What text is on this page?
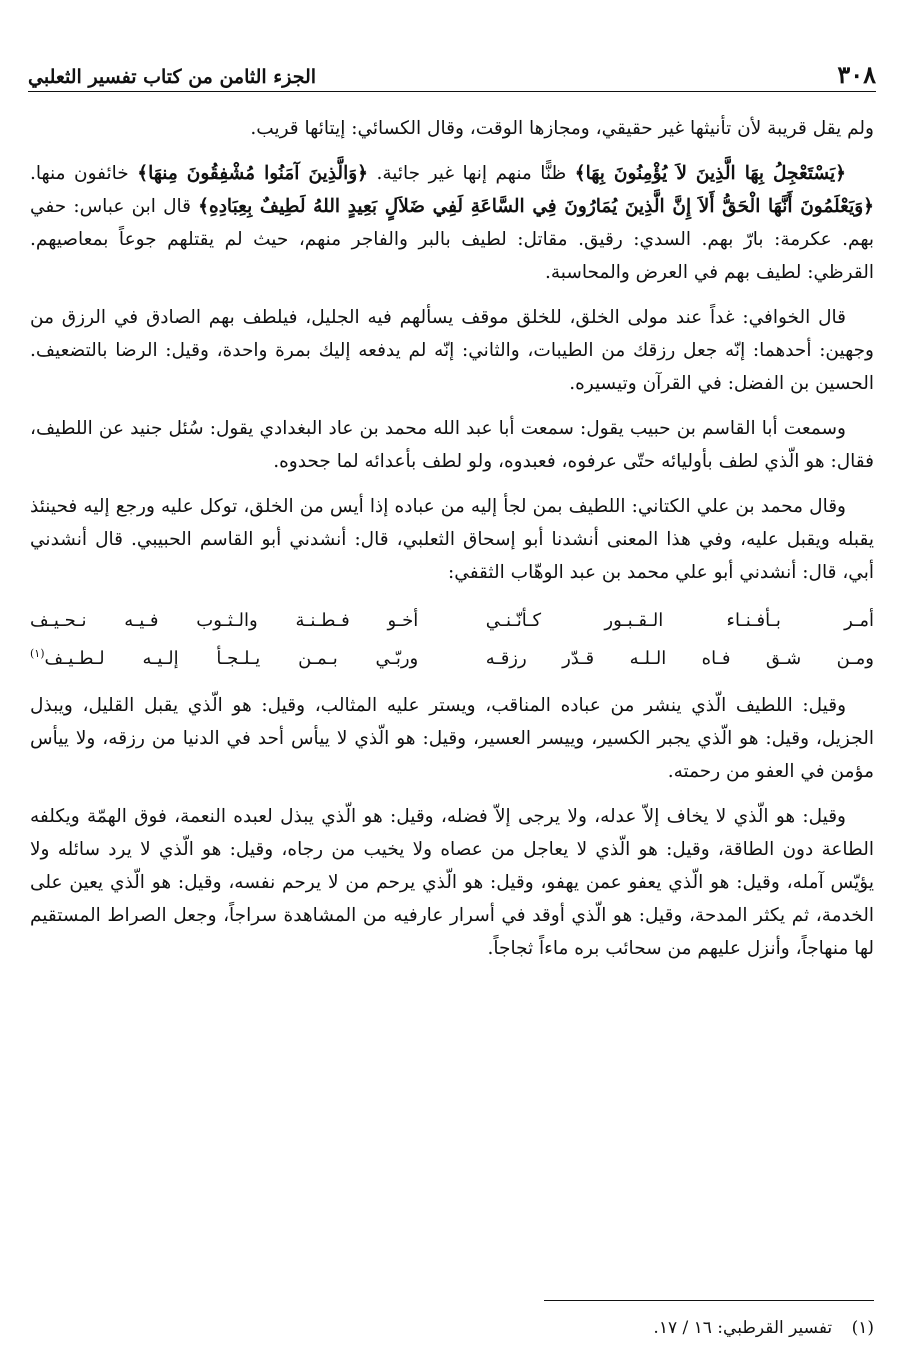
٣٠٨
الجزء الثامن من كتاب تفسير الثعلبي

ولم يقل قريبة لأن تأنيثها غير حقيقي، ومجازها الوقت، وقال الكسائي: إيتائها قريب.

﴿يَسْتَعْجِلُ بِهَا الَّذِينَ لاَ يُؤْمِنُونَ بِهَا﴾ ظنًّا منهم إنها غير جائية. ﴿وَالَّذِينَ آمَنُوا مُشْفِقُونَ مِنهَا﴾ خائفون منها. ﴿وَيَعْلَمُونَ أَنَّهَا الْحَقُّ أَلاَ إِنَّ الَّذِينَ يُمَارُونَ فِي السَّاعَةِ لَفِي ضَلاَلٍ بَعِيدٍ اللهُ لَطِيفٌ بِعِبَادِهِ﴾ قال ابن عباس: حفي بهم. عكرمة: بارّ بهم. السدي: رقيق. مقاتل: لطيف بالبر والفاجر منهم، حيث لم يقتلهم جوعاً بمعاصيهم. القرظي: لطيف بهم في العرض والمحاسبة.

قال الخوافي: غداً عند مولى الخلق، للخلق موقف يسألهم فيه الجليل، فيلطف بهم الصادق في الرزق من وجهين: أحدهما: إنّه جعل رزقك من الطيبات، والثاني: إنّه لم يدفعه إليك بمرة واحدة، وقيل: الرضا بالتضعيف. الحسين بن الفضل: في القرآن وتيسيره.

وسمعت أبا القاسم بن حبيب يقول: سمعت أبا عبد الله محمد بن عاد البغدادي يقول: سُئل جنيد عن اللطيف، فقال: هو الّذي لطف بأوليائه حتّى عرفوه، فعبدوه، ولو لطف بأعدائه لما جحدوه.

وقال محمد بن علي الكتاني: اللطيف بمن لجأ إليه من عباده إذا أيس من الخلق، توكل عليه ورجع إليه فحينئذ يقبله ويقبل عليه، وفي هذا المعنى أنشدنا أبو إسحاق الثعلبي، قال: أنشدني أبو القاسم الحبيبي. قال أنشدني أبي، قال: أنشدني أبو علي محمد بن عبد الوهّاب الثقفي:

أمـر بـأفـنـاء الـقـبـور كـأنّـنـي
أخـو فـطـنـة والـثـوب فـيـه نـحـيـف
ومـن شـق فـاه الـلـه قـدّر رزقـه
وربّـي بـمـن يـلـجـأ إلـيـه لـطـيـف$^{(١)}$

وقيل: اللطيف الّذي ينشر من عباده المناقب، ويستر عليه المثالب، وقيل: هو الّذي يقبل القليل، ويبذل الجزيل، وقيل: هو الّذي يجبر الكسير، وييسر العسير، وقيل: هو الّذي لا ييأس أحد في الدنيا من رزقه، ولا ييأس مؤمن في العفو من رحمته.

وقيل: هو الّذي لا يخاف إلاّ عدله، ولا يرجى إلاّ فضله، وقيل: هو الّذي يبذل لعبده النعمة، فوق الهمّة ويكلفه الطاعة دون الطاقة، وقيل: هو الّذي لا يعاجل من عصاه ولا يخيب من رجاه، وقيل: هو الّذي لا يرد سائله ولا يؤيّس آمله، وقيل: هو الّذي يعفو عمن يهفو، وقيل: هو الّذي يرحم من لا يرحم نفسه، وقيل: هو الّذي يعين على الخدمة، ثم يكثر المدحة، وقيل: هو الّذي أوقد في أسرار عارفيه من المشاهدة سراجاً، وجعل الصراط المستقيم لها منهاجاً، وأنزل عليهم من سحائب بره ماءاً ثجاجاً.

(١) تفسير القرطبي: ١٦ / ١٧.
